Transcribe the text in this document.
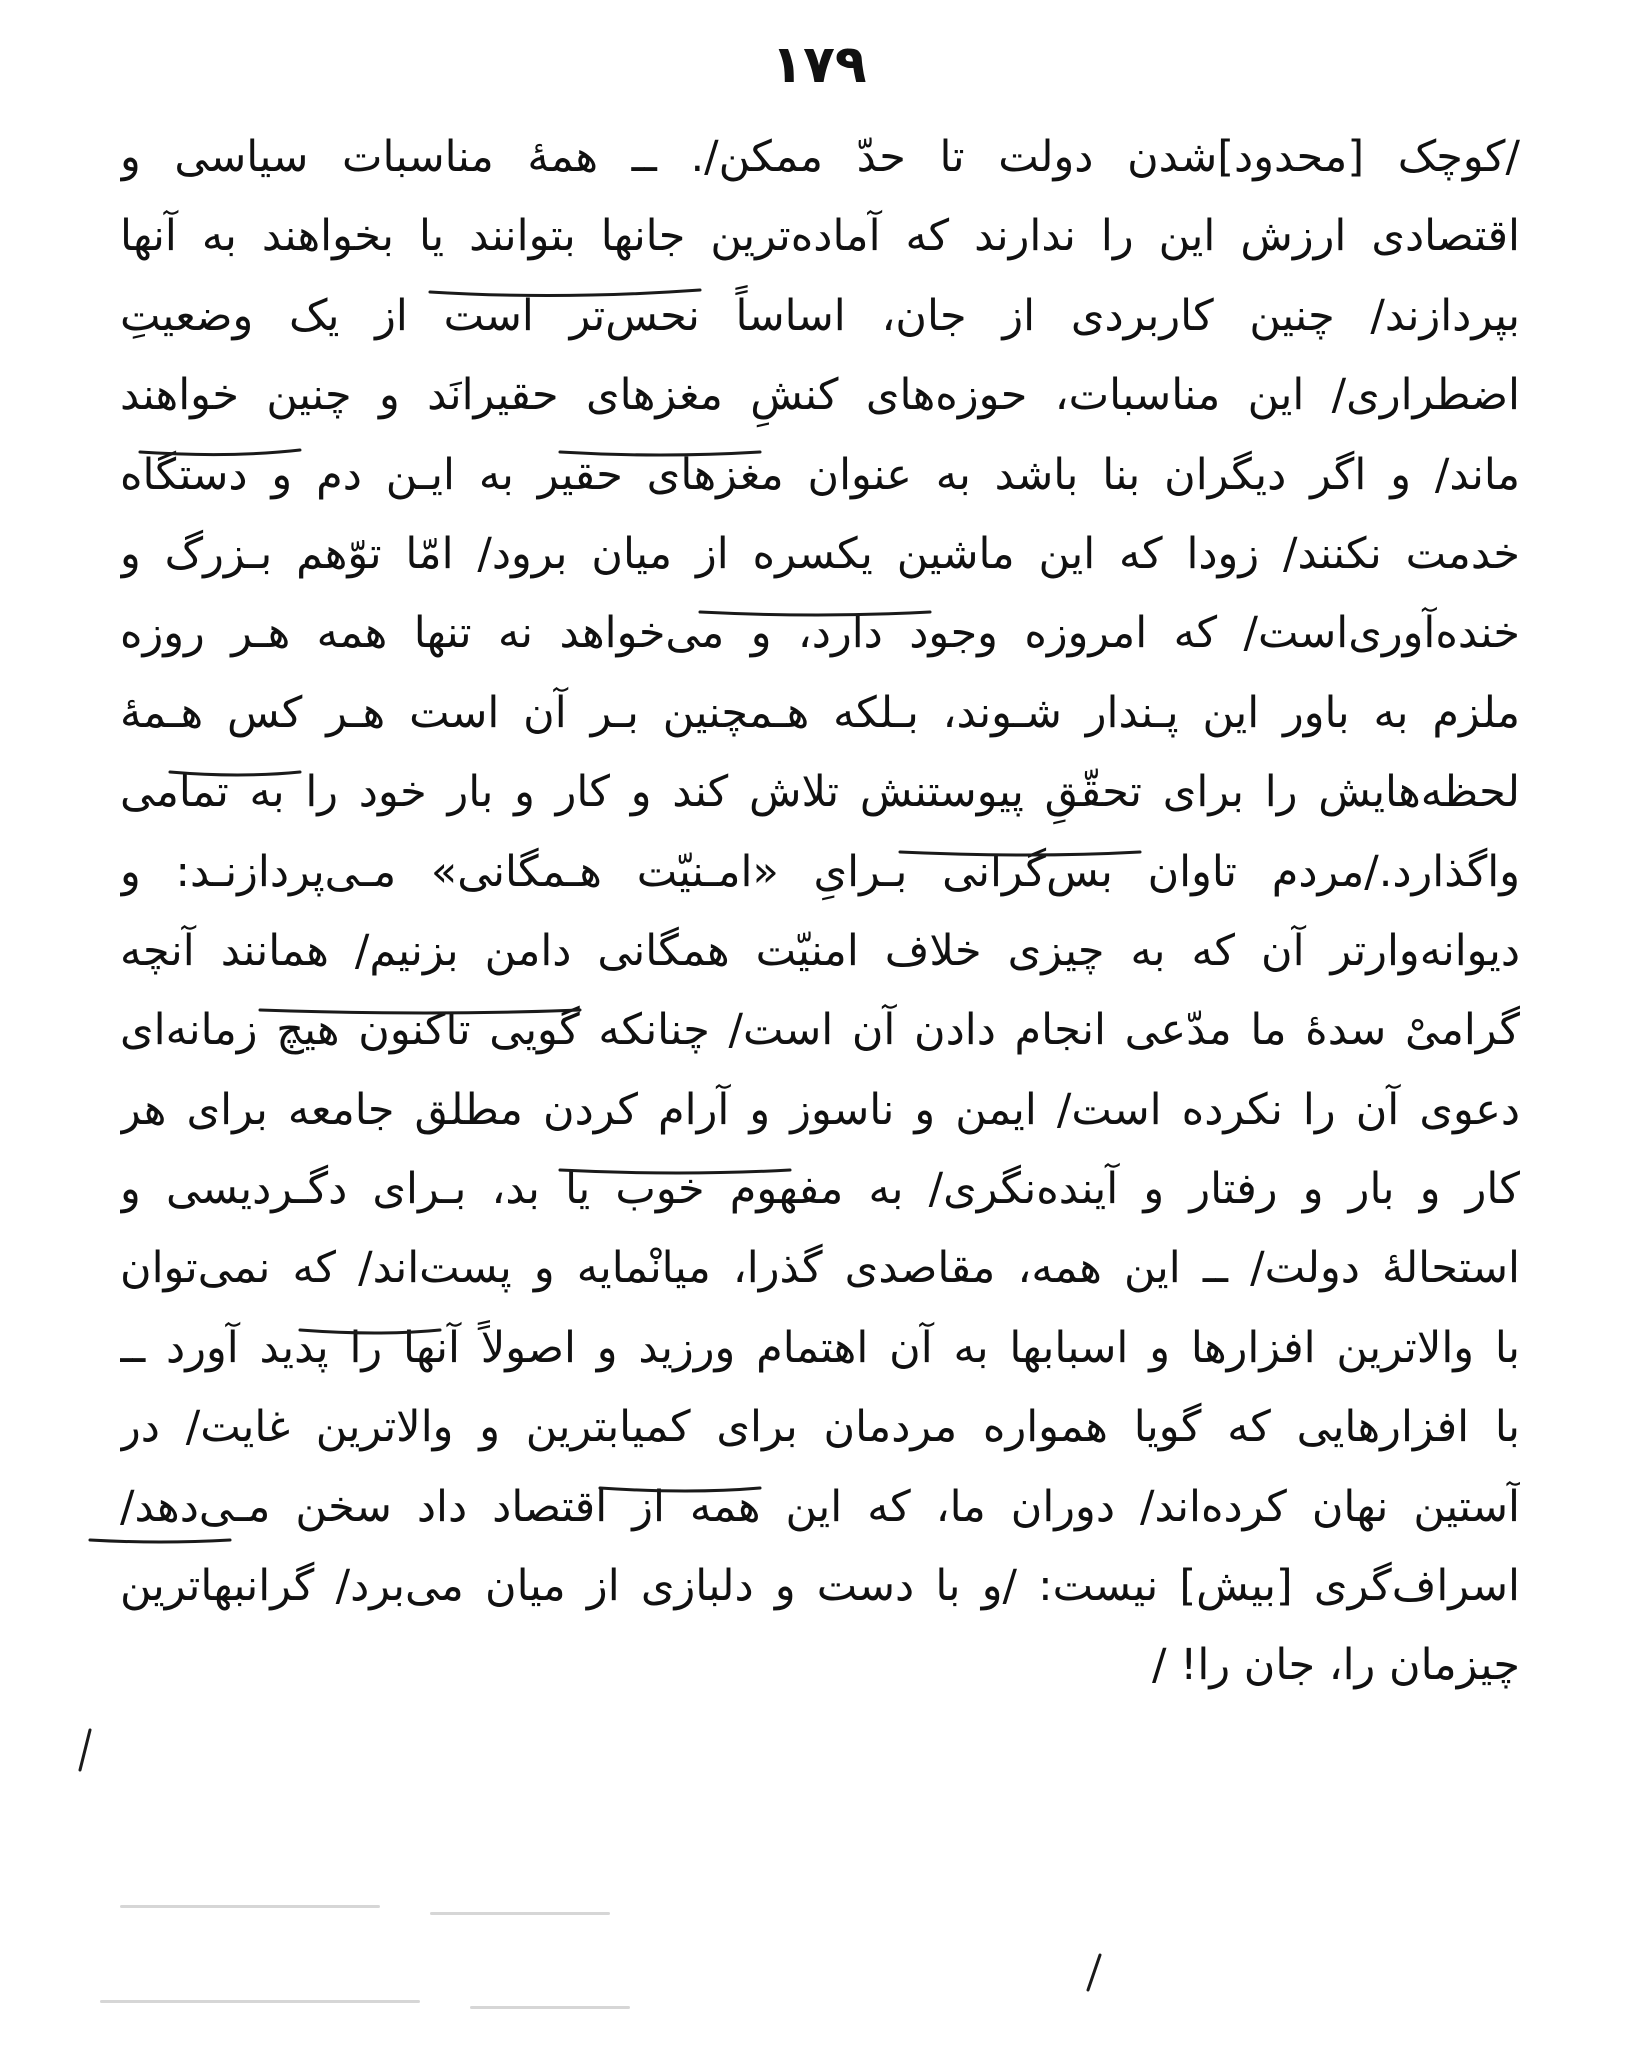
۱۷۹
/کوچک [محدود]شدن دولت تا حدّ ممکن/. ــ همهٔ مناسبات سیاسی و
اقتصادی ارزش این را ندارند که آماده‌ترین جانها بتوانند یا بخواهند به آنها
بپردازند/ چنین کاربردی از جان، اساساً نحس‌تر است از یک وضعیتِ
اضطراری/ این مناسبات، حوزه‌های کنشِ مغزهای حقیرانَد و چنین خواهند
ماند/ و اگر دیگران بنا باشد به عنوان مغزهای حقیر به ایـن دم و دستگاه
خدمت نکنند/ زودا که این ماشین یکسره از میان برود/ امّا توّهم بـزرگ و
خنده‌آوری‌است/ که امروزه وجود دارد، و می‌خواهد نه تنها همه هـر روزه
ملزم به باور این پـندار شـوند، بـلکه هـمچنین بـر آن است هـر کس هـمهٔ
لحظه‌هایش را برای تحقّقِ پیوستنش تلاش کند و کار و بار خود را به تمامی
واگذارد./مردم تاوان بس‌گرانی بـرایِ «امـنیّت هـمگانی» مـی‌پردازنـد: و
دیوانه‌وارتر آن که به چیزی خلاف امنیّت همگانی دامن بزنیم/ همانند آنچه
گرامیْ سدهٔ ما مدّعی انجام دادن آن است/ چنانکه گویی تاکنون هیچ زمانه‌ای
دعوی آن را نکرده است/ ایمن و ناسوز و آرام کردن مطلق جامعه برای هر
کار و بار و رفتار و آینده‌نگری/ به مفهوم خوب یا بد، بـرای دگـردیسی و
استحالهٔ دولت/ ــ این همه، مقاصدی گذرا، میانْمایه و پست‌اند/ که نمی‌توان
با والاترین افزارها و اسبابها به آن اهتمام ورزید و اصولاً آنها را پدید آورد ــ
با افزارهایی که گویا همواره مردمان برای کمیابترین و والاترین غایت/ در
آستین نهان کرده‌اند/ دوران ما، که این همه از اقتصاد داد سخن مـی‌دهد/
اسراف‌گری [بیش] نیست: /و با دست و دلبازی از میان می‌برد/ گرانبهاترین
چیزمان را، جان را! /
